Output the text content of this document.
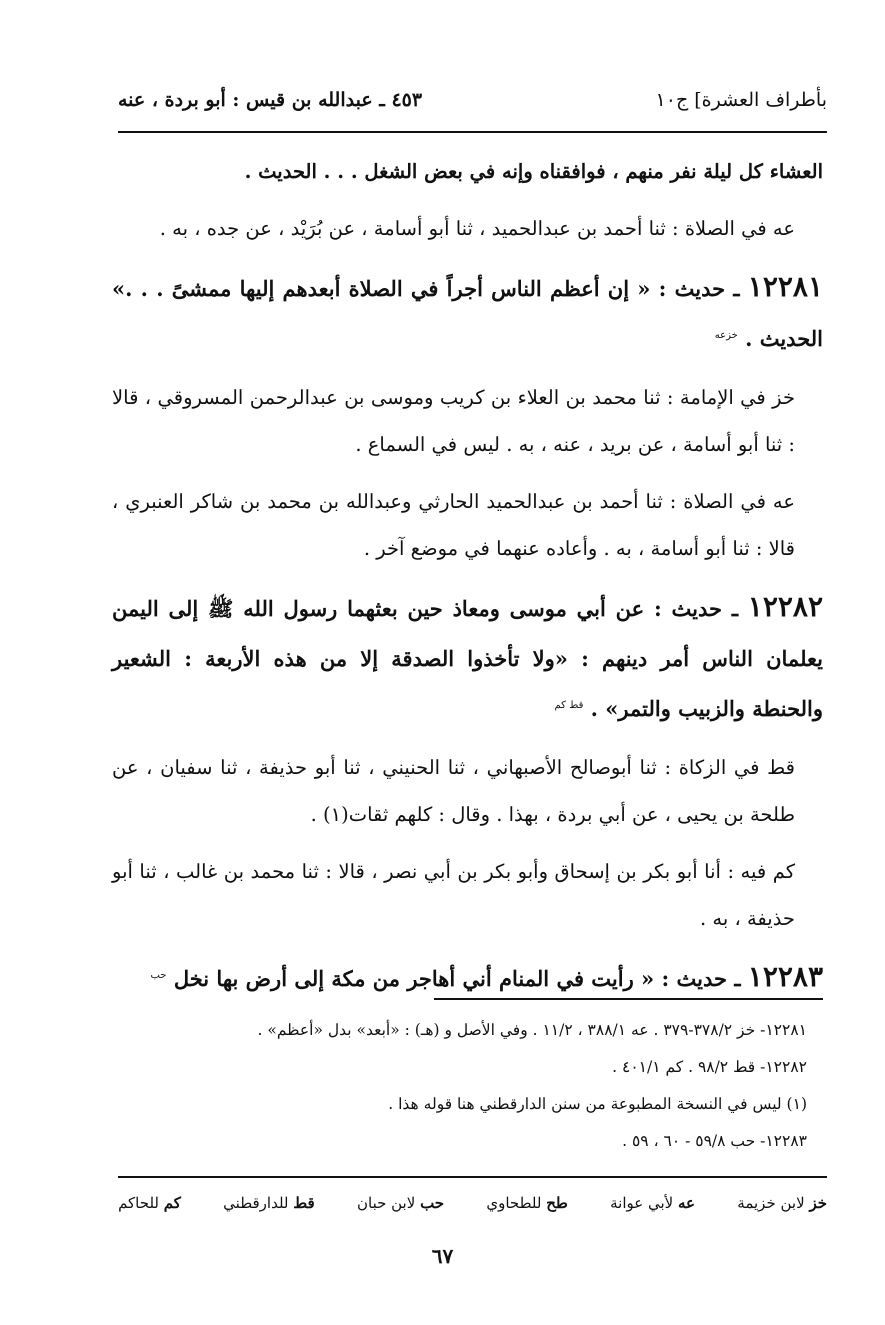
بأطراف العشرة] ج١٠
٤٥٣ ـ عبدالله بن قيس : أبو بردة ، عنه

العشاء كل ليلة نفر منهم ، فوافقناه وإنه في بعض الشغل . . . الحديث .

عه في الصلاة : ثنا أحمد بن عبدالحميد ، ثنا أبو أسامة ، عن بُرَيْد ، عن جده ، به .

١٢٢٨١ ـ حديث : « إن أعظم الناس أجراً في الصلاة أبعدهم إليها ممشىً . . .» الحديث . $^{خزعه}$

خز في الإمامة : ثنا محمد بن العلاء بن كريب وموسى بن عبدالرحمن المسروقي ، قالا : ثنا أبو أسامة ، عن بريد ، عنه ، به . ليس في السماع .

عه في الصلاة : ثنا أحمد بن عبدالحميد الحارثي وعبدالله بن محمد بن شاكر العنبري ، قالا : ثنا أبو أسامة ، به . وأعاده عنهما في موضع آخر .

١٢٢٨٢ ـ حديث : عن أبي موسى ومعاذ حين بعثهما رسول الله ﷺ إلى اليمن يعلمان الناس أمر دينهم : «ولا تأخذوا الصدقة إلا من هذه الأربعة : الشعير والحنطة والزبيب والتمر» . $^{قط كم}$

قط في الزكاة : ثنا أبوصالح الأصبهاني ، ثنا الحنيني ، ثنا أبو حذيفة ، ثنا سفيان ، عن طلحة بن يحيى ، عن أبي بردة ، بهذا . وقال : كلهم ثقات(١) .

كم فيه : أنا أبو بكر بن إسحاق وأبو بكر بن أبي نصر ، قالا : ثنا محمد بن غالب ، ثنا أبو حذيفة ، به .

١٢٢٨٣ ـ حديث : « رأيت في المنام أني أهاجر من مكة إلى أرض بها نخل $^{حب}$
١٢٢٨١- خز ٣٧٨/٢-٣٧٩ . عه ٣٨٨/١ ، ١١/٢ . وفي الأصل و (هـ) : «أبعد» بدل «أعظم» .
١٢٢٨٢- قط ٩٨/٢ . كم ٤٠١/١ .
(١) ليس في النسخة المطبوعة من سنن الدارقطني هنا قوله هذا .
١٢٢٨٣- حب ٥٩/٨ - ٦٠ ، ٥٩ .
خز لابن خزيمة
عه لأبي عوانة
طح للطحاوي
حب لابن حبان
قط للدارقطني
كم للحاكم
٦٧
